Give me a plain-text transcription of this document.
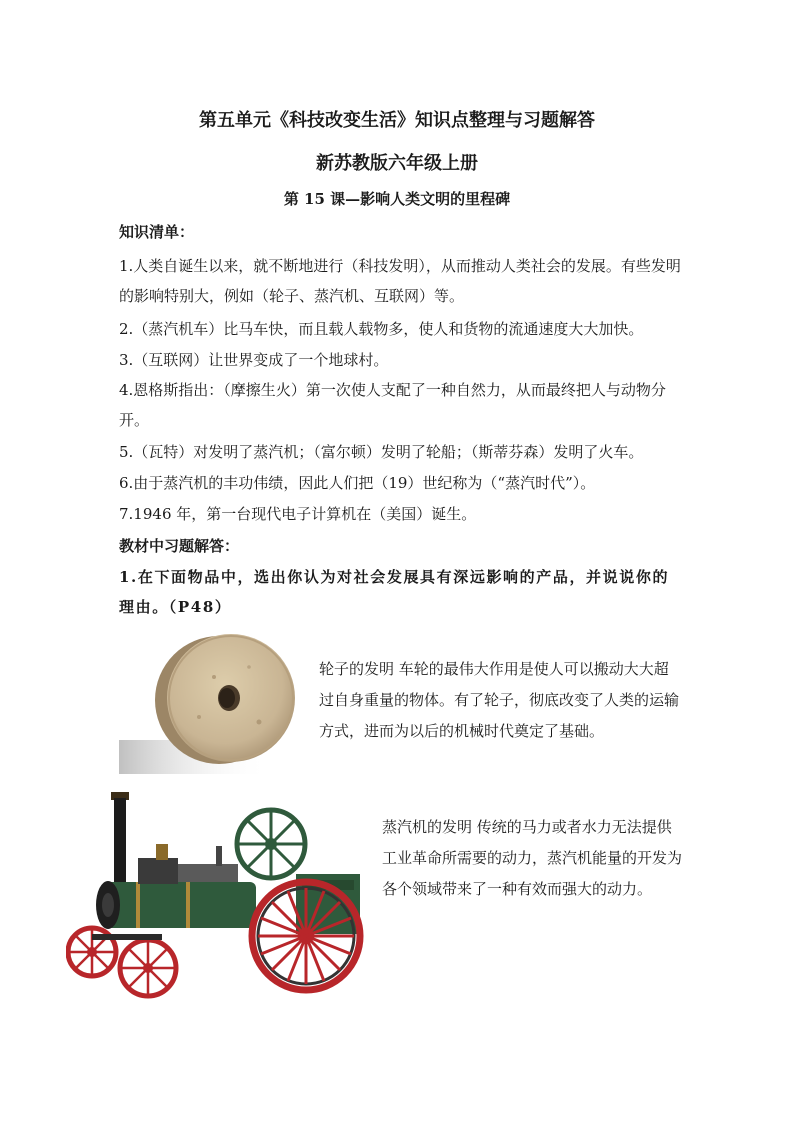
第五单元《科技改变生活》知识点整理与习题解答
新苏教版六年级上册
第 15 课—影响人类文明的里程碑

知识清单：

1.人类自诞生以来，就不断地进行（科技发明），从而推动人类社会的发展。有些发明的影响特别大，例如（轮子、蒸汽机、互联网）等。

2.（蒸汽机车）比马车快，而且载人载物多，使人和货物的流通速度大大加快。

3.（互联网）让世界变成了一个地球村。

4.恩格斯指出：（摩擦生火）第一次使人支配了一种自然力，从而最终把人与动物分开。

5.（瓦特）对发明了蒸汽机；（富尔顿）发明了轮船；（斯蒂芬森）发明了火车。

6.由于蒸汽机的丰功伟绩，因此人们把（19）世纪称为（“蒸汽时代”）。

7.1946 年，第一台现代电子计算机在（美国）诞生。

教材中习题解答：

1.在下面物品中，选出你认为对社会发展具有深远影响的产品，并说说你的理由。（P48）

轮子的发明 车轮的最伟大作用是使人可以搬动大大超过自身重量的物体。有了轮子，彻底改变了人类的运输方式，进而为以后的机械时代奠定了基础。

蒸汽机的发明 传统的马力或者水力无法提供工业革命所需要的动力，蒸汽机能量的开发为各个领域带来了一种有效而强大的动力。
